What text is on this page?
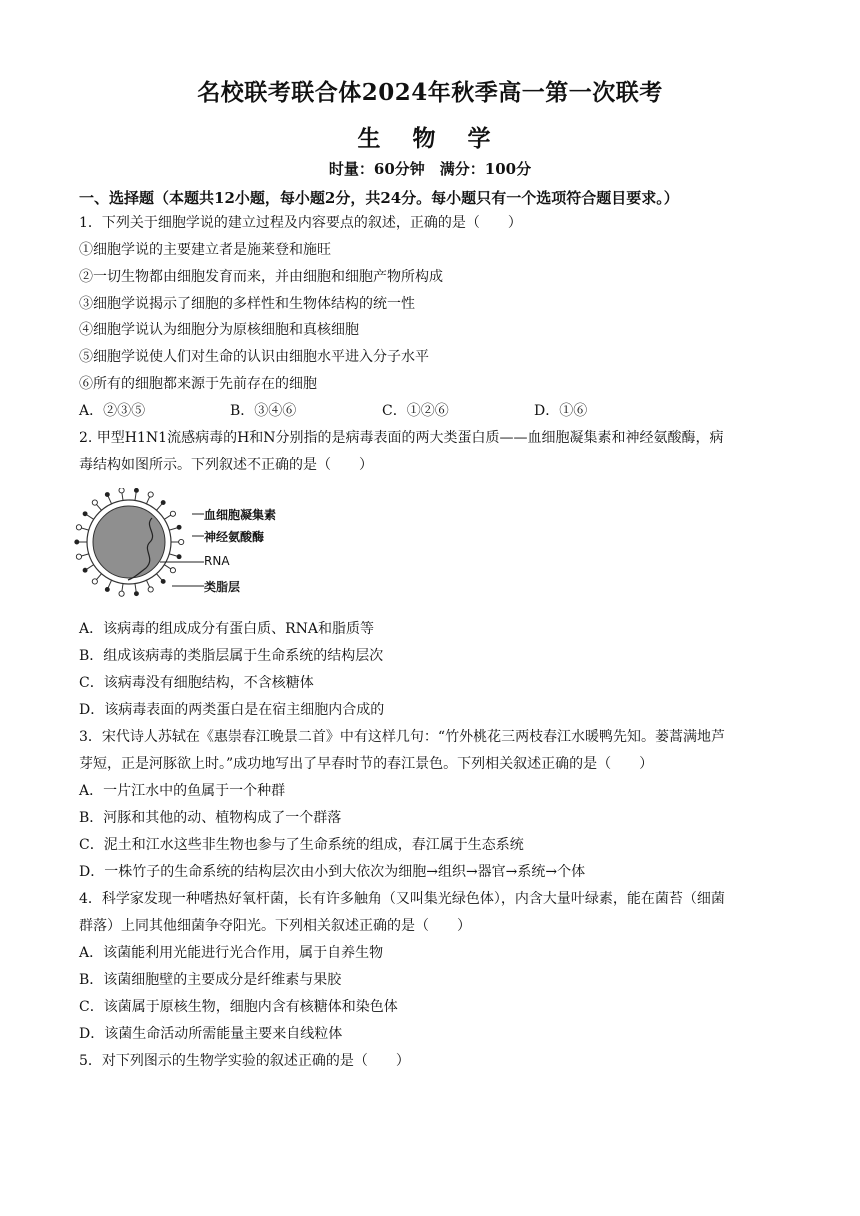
名校联考联合体2024年秋季高一第一次联考
生 物 学
时量：60分钟　满分：100分
一、选择题（本题共12小题，每小题2分，共24分。每小题只有一个选项符合题目要求。）
1．下列关于细胞学说的建立过程及内容要点的叙述，正确的是（　　）
①细胞学说的主要建立者是施莱登和施旺
②一切生物都由细胞发育而来，并由细胞和细胞产物所构成
③细胞学说揭示了细胞的多样性和生物体结构的统一性
④细胞学说认为细胞分为原核细胞和真核细胞
⑤细胞学说使人们对生命的认识由细胞水平进入分子水平
⑥所有的细胞都来源于先前存在的细胞
A．②③⑤	B．③④⑥	C．①②⑥	D．①⑥
2. 甲型H1N1流感病毒的H和N分别指的是病毒表面的两大类蛋白质——血细胞凝集素和神经氨酸酶，病
毒结构如图所示。下列叙述不正确的是（　　）
血细胞凝集素
神经氨酸酶
RNA
类脂层
A．该病毒的组成成分有蛋白质、RNA和脂质等
B．组成该病毒的类脂层属于生命系统的结构层次
C．该病毒没有细胞结构，不含核糖体
D．该病毒表面的两类蛋白是在宿主细胞内合成的
3．宋代诗人苏轼在《惠崇春江晚景二首》中有这样几句：“竹外桃花三两枝春江水暖鸭先知。蒌蒿满地芦
芽短，正是河豚欲上时。”成功地写出了早春时节的春江景色。下列相关叙述正确的是（　　）
A．一片江水中的鱼属于一个种群
B．河豚和其他的动、植物构成了一个群落
C．泥土和江水这些非生物也参与了生命系统的组成，春江属于生态系统
D．一株竹子的生命系统的结构层次由小到大依次为细胞→组织→器官→系统→个体
4．科学家发现一种嗜热好氧杆菌，长有许多触角（又叫集光绿色体），内含大量叶绿素，能在菌苔（细菌
群落）上同其他细菌争夺阳光。下列相关叙述正确的是（　　）
A．该菌能利用光能进行光合作用，属于自养生物
B．该菌细胞壁的主要成分是纤维素与果胶
C．该菌属于原核生物，细胞内含有核糖体和染色体
D．该菌生命活动所需能量主要来自线粒体
5．对下列图示的生物学实验的叙述正确的是（　　）
